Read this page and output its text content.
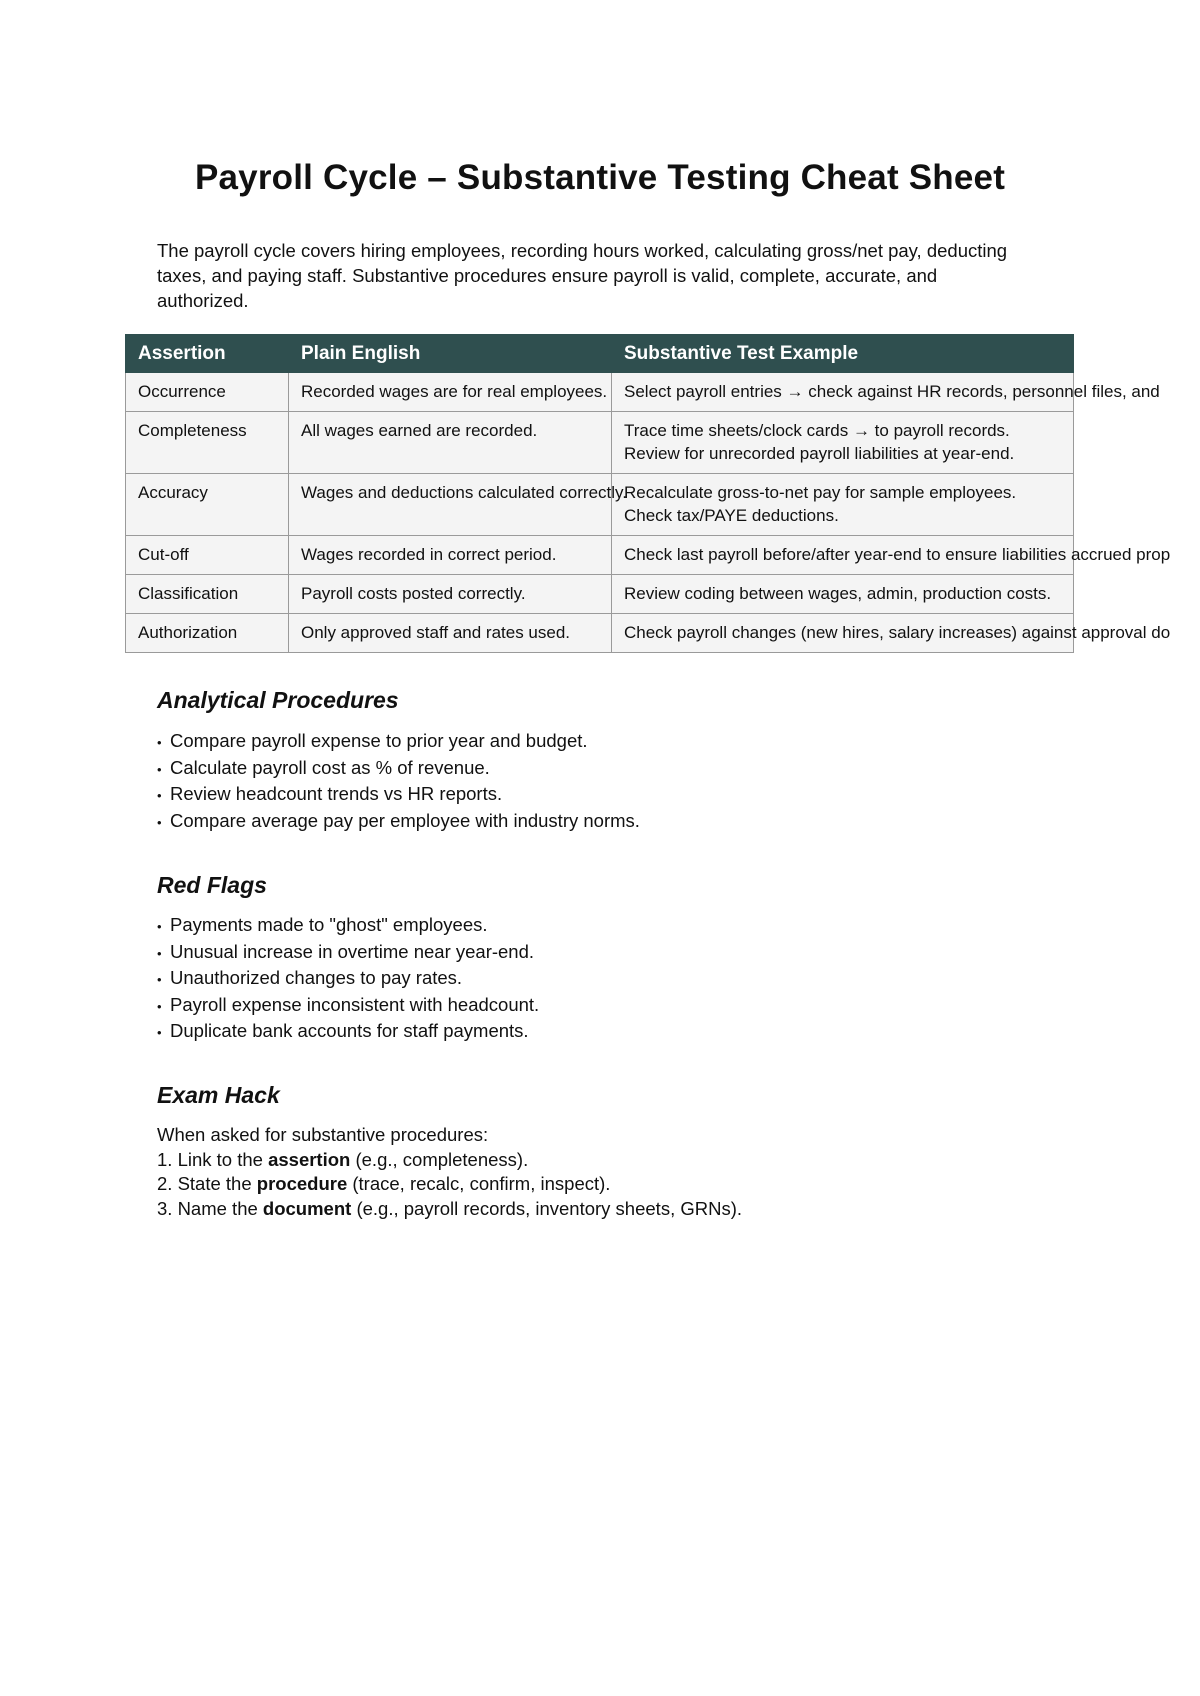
Payroll Cycle – Substantive Testing Cheat Sheet

The payroll cycle covers hiring employees, recording hours worked, calculating gross/net pay, deducting taxes, and paying staff. Substantive procedures ensure payroll is valid, complete, accurate, and authorized.

Assertion	Plain English	Substantive Test Example
Occurrence	Recorded wages are for real employees.	Select payroll entries → check against HR records, personnel files, and

Completeness	All wages earned are recorded.	Trace time sheets/clock cards → to payroll records.
Review for unrecorded payroll liabilities at year-end.

Accuracy	Wages and deductions calculated correctly.	Recalculate gross-to-net pay for sample employees.
Check tax/PAYE deductions.

Cut-off	Wages recorded in correct period.	Check last payroll before/after year-end to ensure liabilities accrued prop

Classification	Payroll costs posted correctly.	Review coding between wages, admin, production costs.

Authorization	Only approved staff and rates used.	Check payroll changes (new hires, salary increases) against approval do
Analytical Procedures
• Compare payroll expense to prior year and budget.
• Calculate payroll cost as % of revenue.
• Review headcount trends vs HR reports.
• Compare average pay per employee with industry norms.
Red Flags
• Payments made to "ghost" employees.
• Unusual increase in overtime near year-end.
• Unauthorized changes to pay rates.
• Payroll expense inconsistent with headcount.
• Duplicate bank accounts for staff payments.
Exam Hack
When asked for substantive procedures:
1. Link to the assertion (e.g., completeness).
2. State the procedure (trace, recalc, confirm, inspect).
3. Name the document (e.g., payroll records, inventory sheets, GRNs).
